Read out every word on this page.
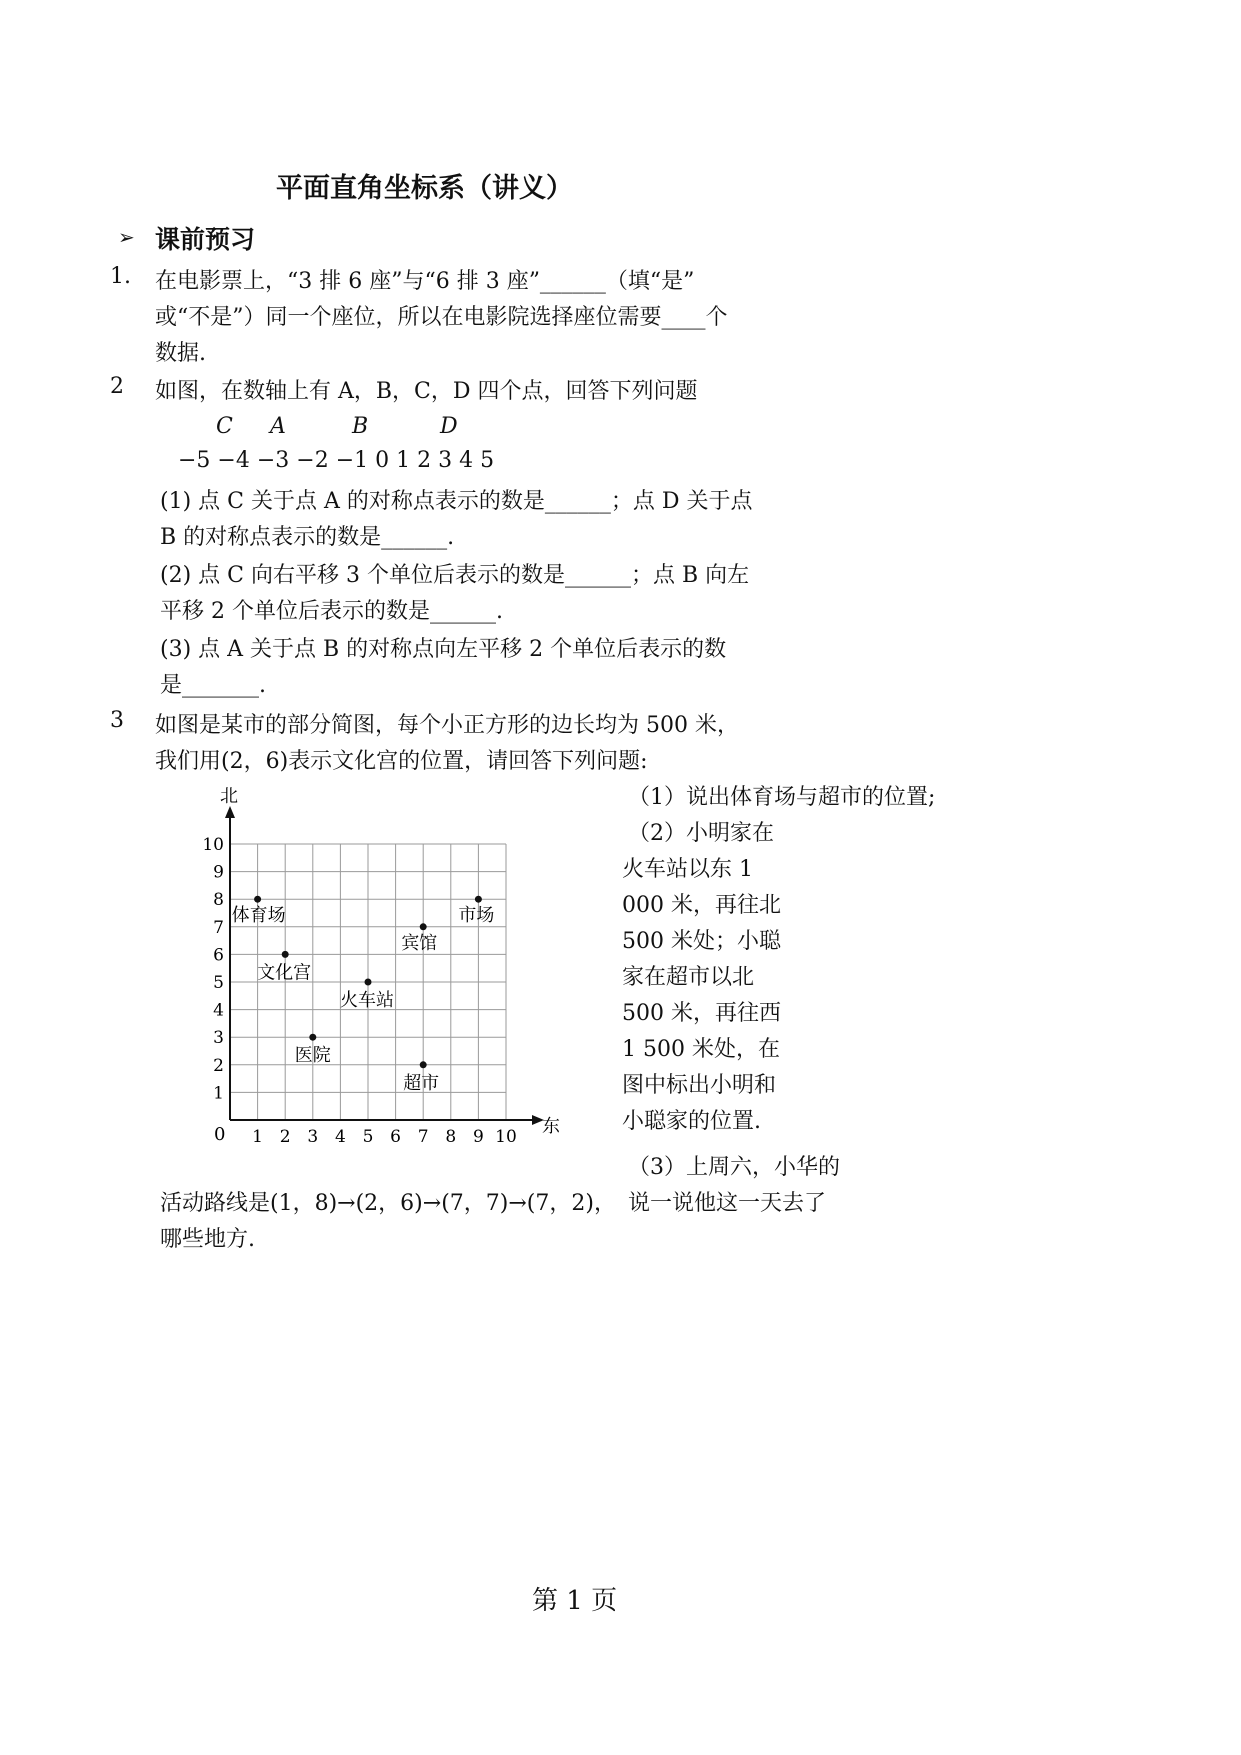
平面直角坐标系（讲义）
➢ 课前预习
1. 在电影票上，“3 排 6 座”与“6 排 3 座”______（填“是”
或“不是”）同一个座位，所以在电影院选择座位需要____个
数据.
2 如图，在数轴上有 A，B，C，D 四个点，回答下列问题
C A	B	D
−5 −4 −3 −2 −1 0 1 2 3 4 5
(1) 点 C 关于点 A 的对称点表示的数是______；点 D 关于点
B 的对称点表示的数是______.
(2) 点 C 向右平移 3 个单位后表示的数是______；点 B 向左
平移 2 个单位后表示的数是______.
(3) 点 A 关于点 B 的对称点向左平移 2 个单位后表示的数
是_______.
3 如图是某市的部分简图，每个小正方形的边长均为 500 米，
我们用(2，6)表示文化宫的位置，请回答下列问题:
1 2 3 4 5 6 7 8 9 10
1
2
3
4
5
6
7
8
9
10
体育场
文化宫
医院
火车站
宾馆
超市
市场
北
东
0
（1）说出体育场与超市的位置;
（2）小明家在
火车站以东 1
000 米，再往北
500 米处；小聪
家在超市以北
500 米，再往西
1 500 米处，在
图中标出小明和
小聪家的位置.
（3）上周六，小华的
活动路线是(1，8)→(2，6)→(7，7)→(7，2)， 说一说他这一天去了
哪些地方.
第 1 页
